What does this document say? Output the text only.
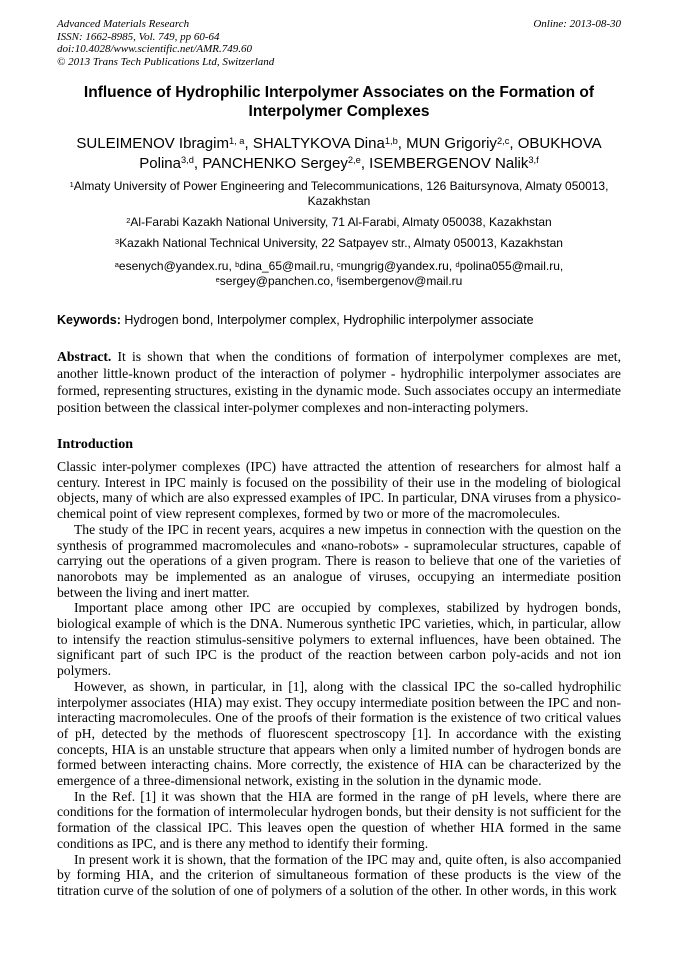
Advanced Materials Research
ISSN: 1662-8985, Vol. 749, pp 60-64
doi:10.4028/www.scientific.net/AMR.749.60
© 2013 Trans Tech Publications Ltd, Switzerland
Online: 2013-08-30
Influence of Hydrophilic Interpolymer Associates on the Formation of Interpolymer Complexes
SULEIMENOV Ibragim$^{1, a}$, SHALTYKOVA Dina$^{1,b}$, MUN Grigoriy$^{2,c}$, OBUKHOVA Polina$^{3,d}$, PANCHENKO Sergey$^{2,e}$, ISEMBERGENOV Nalik$^{3,f}$
$^1$Almaty University of Power Engineering and Telecommunications, 126 Baitursynova, Almaty 050013, Kazakhstan
$^2$Al-Farabi Kazakh National University, 71 Al-Farabi, Almaty 050038, Kazakhstan
$^3$Kazakh National Technical University, 22 Satpayev str., Almaty 050013, Kazakhstan
$^a$esenych@yandex.ru, $^b$dina_65@mail.ru, $^c$mungrig@yandex.ru, $^d$polina055@mail.ru, $^e$sergey@panchen.co, $^f$isembergenov@mail.ru

Keywords: Hydrogen bond, Interpolymer complex, Hydrophilic interpolymer associate

Abstract. It is shown that when the conditions of formation of interpolymer complexes are met, another little-known product of the interaction of polymer - hydrophilic interpolymer associates are formed, representing structures, existing in the dynamic mode. Such associates occupy an intermediate position between the classical inter-polymer complexes and non-interacting polymers.

Introduction

Classic inter-polymer complexes (IPC) have attracted the attention of researchers for almost half a century. Interest in IPC mainly is focused on the possibility of their use in the modeling of biological objects, many of which are also expressed examples of IPC. In particular, DNA viruses from a physico-chemical point of view represent complexes, formed by two or more of the macromolecules.

The study of the IPC in recent years, acquires a new impetus in connection with the question on the synthesis of programmed macromolecules and «nano-robots» - supramolecular structures, capable of carrying out the operations of a given program. There is reason to believe that one of the varieties of nanorobots may be implemented as an analogue of viruses, occupying an intermediate position between the living and inert matter.

Important place among other IPC are occupied by complexes, stabilized by hydrogen bonds, biological example of which is the DNA. Numerous synthetic IPC varieties, which, in particular, allow to intensify the reaction stimulus-sensitive polymers to external influences, have been obtained. The significant part of such IPC is the product of the reaction between carbon poly-acids and not ion polymers.

However, as shown, in particular, in [1], along with the classical IPC the so-called hydrophilic interpolymer associates (HIA) may exist. They occupy intermediate position between the IPC and non-interacting macromolecules. One of the proofs of their formation is the existence of two critical values of pH, detected by the methods of fluorescent spectroscopy [1]. In accordance with the existing concepts, HIA is an unstable structure that appears when only a limited number of hydrogen bonds are formed between interacting chains. More correctly, the existence of HIA can be characterized by the emergence of a three-dimensional network, existing in the solution in the dynamic mode.

In the Ref. [1] it was shown that the HIA are formed in the range of pH levels, where there are conditions for the formation of intermolecular hydrogen bonds, but their density is not sufficient for the formation of the classical IPC. This leaves open the question of whether HIA formed in the same conditions as IPC, and is there any method to identify their forming.

In present work it is shown, that the formation of the IPC may and, quite often, is also accompanied by forming HIA, and the criterion of simultaneous formation of these products is the view of the titration curve of the solution of one of polymers of a solution of the other. In other words, in this work
